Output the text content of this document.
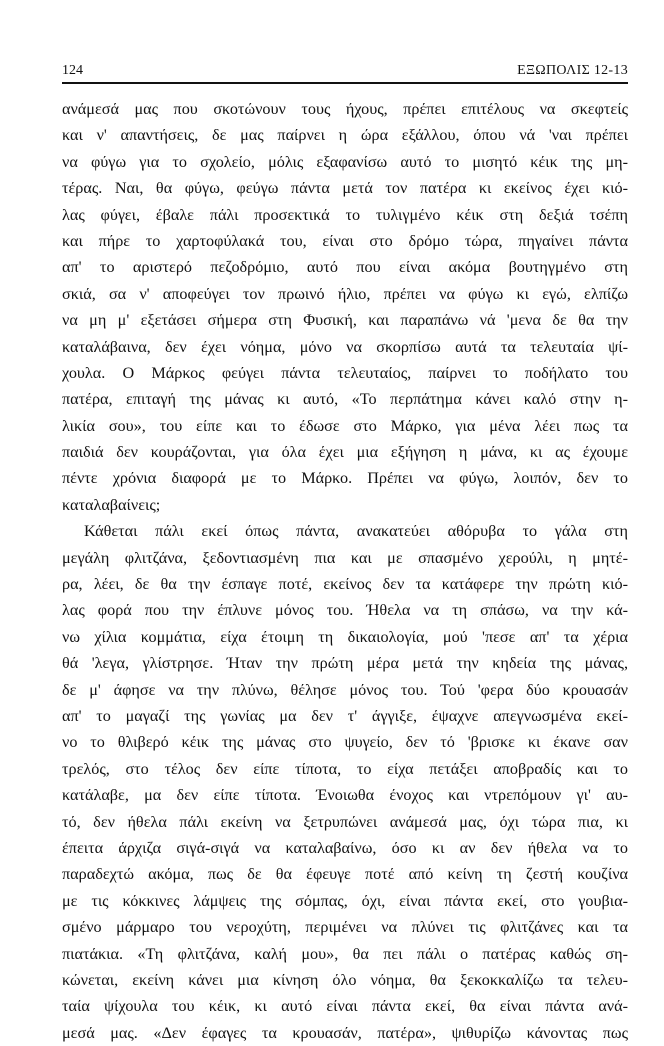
124	ΕΞΩΠΟΛΙΣ 12-13
ανάμεσά μας που σκοτώνουν τους ήχους, πρέπει επιτέλους να σκεφτείς
και ν' απαντήσεις, δε μας παίρνει η ώρα εξάλλου, όπου νά 'ναι πρέπει
να φύγω για το σχολείο, μόλις εξαφανίσω αυτό το μισητό κέικ της μη-
τέρας. Ναι, θα φύγω, φεύγω πάντα μετά τον πατέρα κι εκείνος έχει κιό-
λας φύγει, έβαλε πάλι προσεκτικά το τυλιγμένο κέικ στη δεξιά τσέπη
και πήρε το χαρτοφύλακά του, είναι στο δρόμο τώρα, πηγαίνει πάντα
απ' το αριστερό πεζοδρόμιο, αυτό που είναι ακόμα βουτηγμένο στη
σκιά, σα ν' αποφεύγει τον πρωινό ήλιο, πρέπει να φύγω κι εγώ, ελπίζω
να μη μ' εξετάσει σήμερα στη Φυσική, και παραπάνω νά 'μενα δε θα την
καταλάβαινα, δεν έχει νόημα, μόνο να σκορπίσω αυτά τα τελευταία ψί-
χουλα. Ο Μάρκος φεύγει πάντα τελευταίος, παίρνει το ποδήλατο του
πατέρα, επιταγή της μάνας κι αυτό, «Το περπάτημα κάνει καλό στην η-
λικία σου», του είπε και το έδωσε στο Μάρκο, για μένα λέει πως τα
παιδιά δεν κουράζονται, για όλα έχει μια εξήγηση η μάνα, κι ας έχουμε
πέντε χρόνια διαφορά με το Μάρκο. Πρέπει να φύγω, λοιπόν, δεν το
καταλαβαίνεις;
Κάθεται πάλι εκεί όπως πάντα, ανακατεύει αθόρυβα το γάλα στη
μεγάλη φλιτζάνα, ξεδοντιασμένη πια και με σπασμένο χερούλι, η μητέ-
ρα, λέει, δε θα την έσπαγε ποτέ, εκείνος δεν τα κατάφερε την πρώτη κιό-
λας φορά που την έπλυνε μόνος του. Ήθελα να τη σπάσω, να την κά-
νω χίλια κομμάτια, είχα έτοιμη τη δικαιολογία, μού 'πεσε απ' τα χέρια
θά 'λεγα, γλίστρησε. Ήταν την πρώτη μέρα μετά την κηδεία της μάνας,
δε μ' άφησε να την πλύνω, θέλησε μόνος του. Τού 'φερα δύο κρουασάν
απ' το μαγαζί της γωνίας μα δεν τ' άγγιξε, έψαχνε απεγνωσμένα εκεί-
νο το θλιβερό κέικ της μάνας στο ψυγείο, δεν τό 'βρισκε κι έκανε σαν
τρελός, στο τέλος δεν είπε τίποτα, το είχα πετάξει αποβραδίς και το
κατάλαβε, μα δεν είπε τίποτα. Ένοιωθα ένοχος και ντρεπόμουν γι' αυ-
τό, δεν ήθελα πάλι εκείνη να ξετρυπώνει ανάμεσά μας, όχι τώρα πια, κι
έπειτα άρχιζα σιγά-σιγά να καταλαβαίνω, όσο κι αν δεν ήθελα να το
παραδεχτώ ακόμα, πως δε θα έφευγε ποτέ από κείνη τη ζεστή κουζίνα
με τις κόκκινες λάμψεις της σόμπας, όχι, είναι πάντα εκεί, στο γουβια-
σμένο μάρμαρο του νεροχύτη, περιμένει να πλύνει τις φλιτζάνες και τα
πιατάκια. «Τη φλιτζάνα, καλή μου», θα πει πάλι ο πατέρας καθώς ση-
κώνεται, εκείνη κάνει μια κίνηση όλο νόημα, θα ξεκοκκαλίζω τα τελευ-
ταία ψίχουλα του κέικ, κι αυτό είναι πάντα εκεί, θα είναι πάντα ανά-
μεσά μας. «Δεν έφαγες τα κρουασάν, πατέρα», ψιθυρίζω κάνοντας πως
